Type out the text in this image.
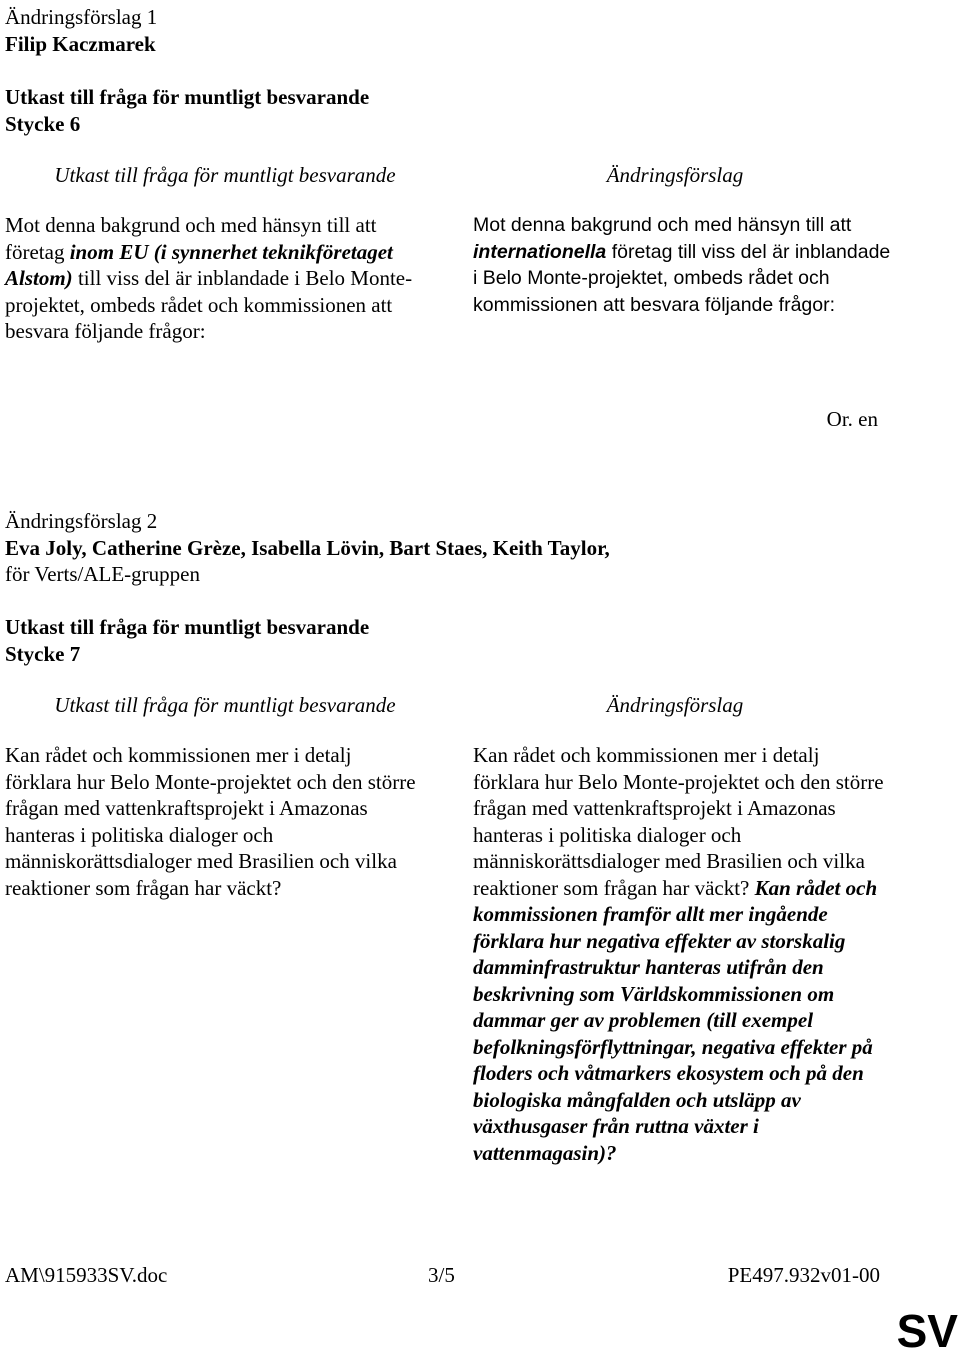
Ändringsförslag 1
Filip Kaczmarek
Utkast till fråga för muntligt besvarande
Stycke 6
Utkast till fråga för muntligt besvarande	Ändringsförslag
Mot denna bakgrund och med hänsyn till att företag inom EU (i synnerhet teknikföretaget Alstom) till viss del är inblandade i Belo Monte-projektet, ombeds rådet och kommissionen att besvara följande frågor:
Mot denna bakgrund och med hänsyn till att internationella företag till viss del är inblandade i Belo Monte-projektet, ombeds rådet och kommissionen att besvara följande frågor:
Or. en
Ändringsförslag 2
Eva Joly, Catherine Grèze, Isabella Lövin, Bart Staes, Keith Taylor,
för Verts/ALE-gruppen
Utkast till fråga för muntligt besvarande
Stycke 7
Utkast till fråga för muntligt besvarande	Ändringsförslag
Kan rådet och kommissionen mer i detalj förklara hur Belo Monte-projektet och den större frågan med vattenkraftsprojekt i Amazonas hanteras i politiska dialoger och människorättsdialoger med Brasilien och vilka reaktioner som frågan har väckt?
Kan rådet och kommissionen mer i detalj förklara hur Belo Monte-projektet och den större frågan med vattenkraftsprojekt i Amazonas hanteras i politiska dialoger och människorättsdialoger med Brasilien och vilka reaktioner som frågan har väckt? Kan rådet och kommissionen framför allt mer ingående förklara hur negativa effekter av storskalig damminfrastruktur hanteras utifrån den beskrivning som Världskommissionen om dammar ger av problemen (till exempel befolkningsförflyttningar, negativa effekter på floders och våtmarkers ekosystem och på den biologiska mångfalden och utsläpp av växthusgaser från ruttna växter i vattenmagasin)?
AM\915933SV.doc	3/5	PE497.932v01-00
SV
